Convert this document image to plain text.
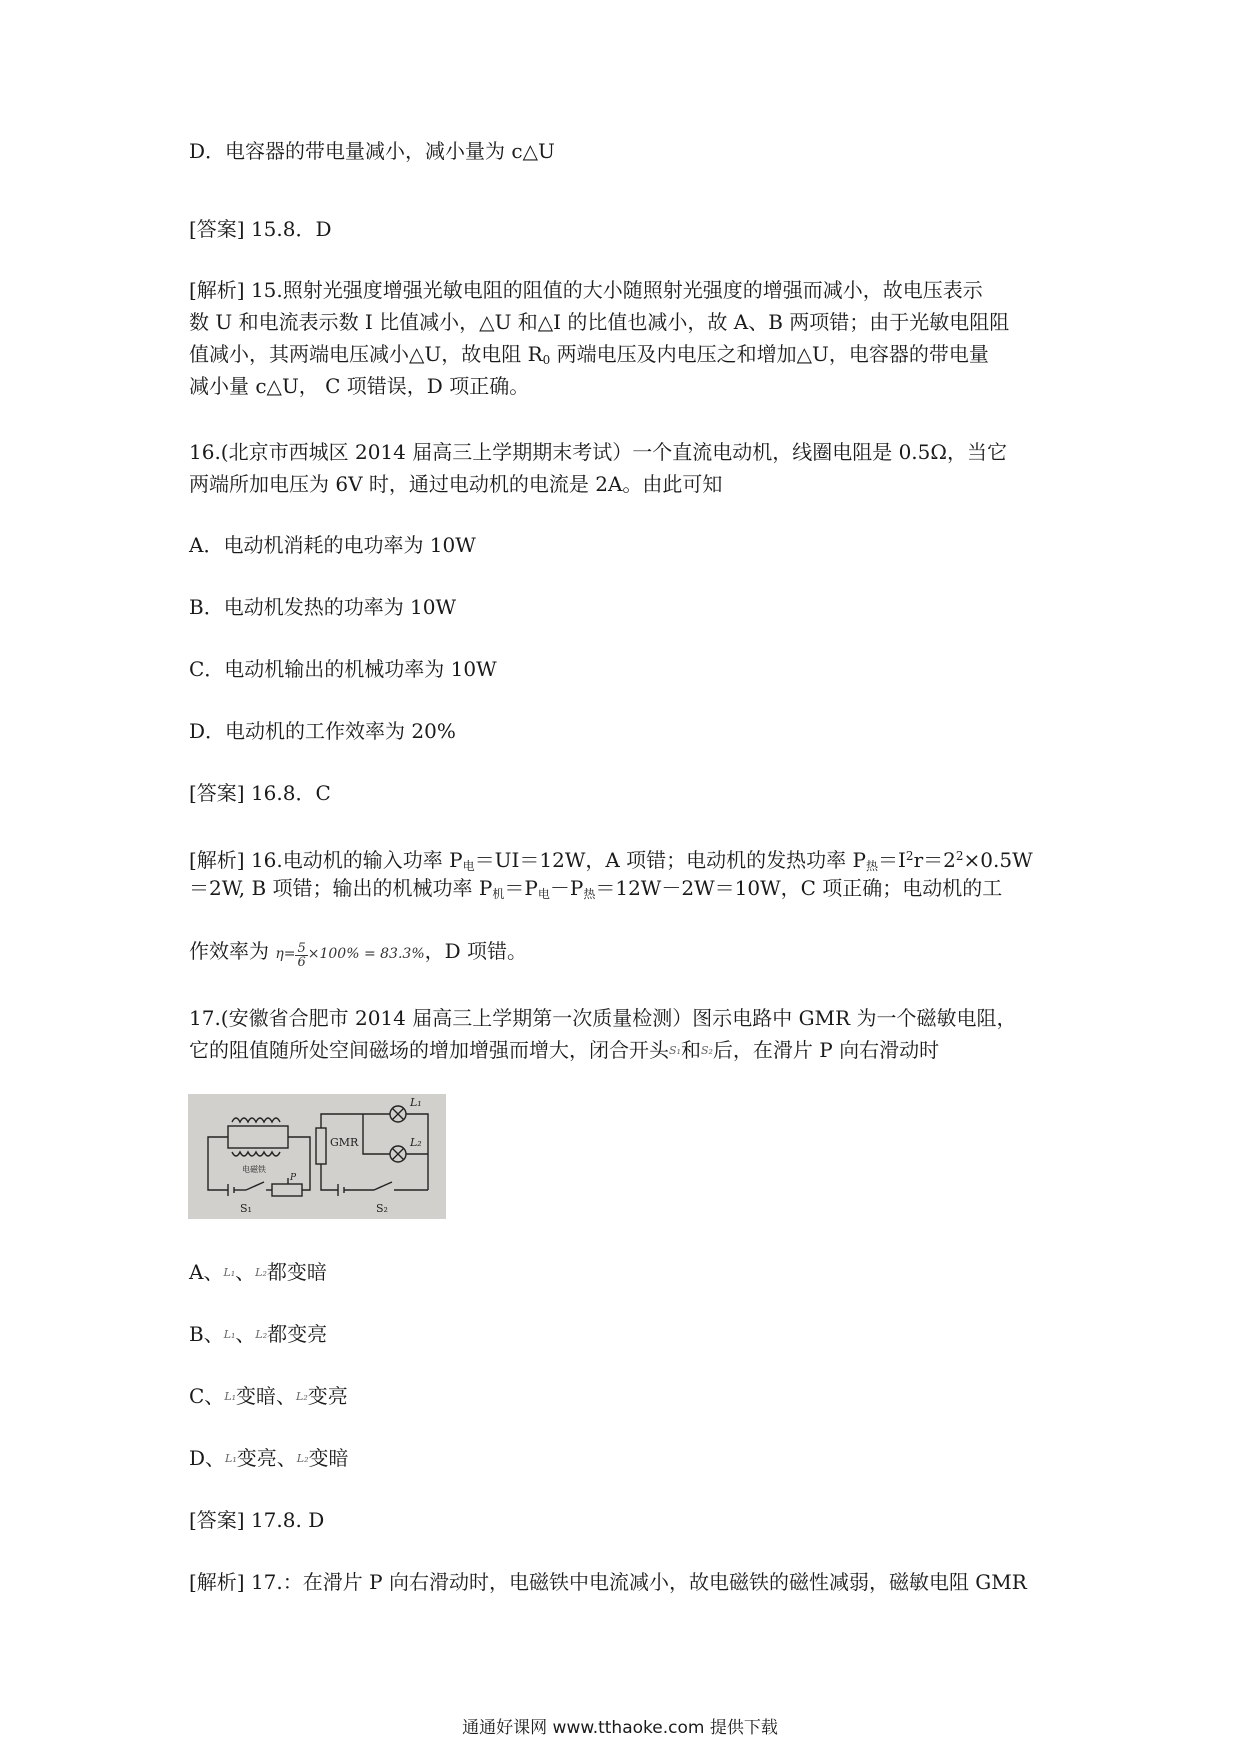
D．电容器的带电量减小，减小量为 c△U
[答案] 15.8．D
[解析] 15.照射光强度增强光敏电阻的阻值的大小随照射光强度的增强而减小，故电压表示
数 U 和电流表示数 I 比值减小，△U 和△I 的比值也减小，故 A、B 两项错；由于光敏电阻阻
值减小，其两端电压减小△U，故电阻 $R_0$ 两端电压及内电压之和增加△U，电容器的带电量
减小量 c△U， C 项错误，D 项正确。
16.(北京市西城区 2014 届高三上学期期末考试）一个直流电动机，线圈电阻是 0.5Ω，当它
两端所加电压为 6V 时，通过电动机的电流是 2A。由此可知
A．电动机消耗的电功率为 10W
B．电动机发热的功率为 10W
C．电动机输出的机械功率为 10W
D．电动机的工作效率为 20%
[答案] 16.8．C
[解析] 16.电动机的输入功率 $P_电=UI=12W$，A 项错；电动机的发热功率 $P_热=I^2r=2^2\times 0.5W$
＝2W, B 项错；输出的机械功率 $P_机=P_电-P_热=12W-2W=10W$，C 项正确；电动机的工
作效率为 $\eta= \frac{5}{6} \times 100\% = 83.3\%$，D 项错。
17.(安徽省合肥市 2014 届高三上学期第一次质量检测）图示电路中 GMR 为一个磁敏电阻，
它的阻值随所处空间磁场的增加增强而增大，闭合开头S₁和S₂后，在滑片 P 向右滑动时
GMR
L₁
L₂
S₁	S₂
电磁铁
P
A、L₁、L₂都变暗
B、L₁、L₂都变亮
C、L₁变暗、L₂变亮
D、L₁变亮、L₂变暗
[答案] 17.8. D
[解析] 17.：在滑片 P 向右滑动时，电磁铁中电流减小，故电磁铁的磁性减弱，磁敏电阻 GMR
通通好课网 www.tthaoke.com 提供下载
